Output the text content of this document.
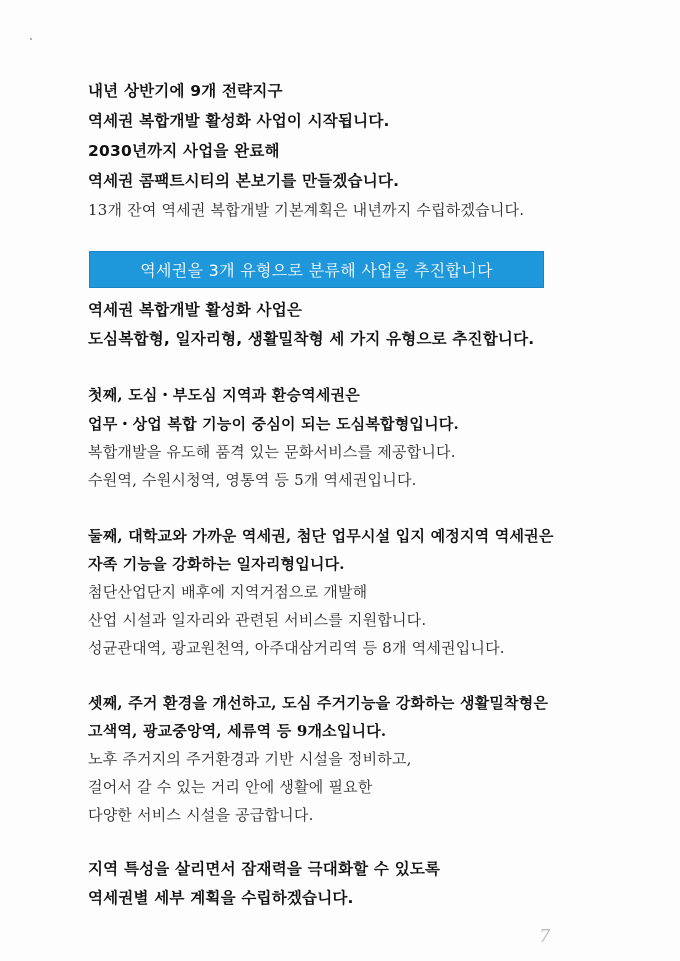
내년 상반기에 9개 전략지구
역세권 복합개발 활성화 사업이 시작됩니다.
2030년까지 사업을 완료해
역세권 콤팩트시티의 본보기를 만들겠습니다.
13개 잔여 역세권 복합개발 기본계획은 내년까지 수립하겠습니다.
역세권을 3개 유형으로 분류해 사업을 추진합니다
역세권 복합개발 활성화 사업은
도심복합형, 일자리형, 생활밀착형 세 가지 유형으로 추진합니다.
첫째, 도심・부도심 지역과 환승역세권은
업무・상업 복합 기능이 중심이 되는 도심복합형입니다.
복합개발을 유도해 품격 있는 문화서비스를 제공합니다.
수원역, 수원시청역, 영통역 등 5개 역세권입니다.
둘째, 대학교와 가까운 역세권, 첨단 업무시설 입지 예정지역 역세권은
자족 기능을 강화하는 일자리형입니다.
첨단산업단지 배후에 지역거점으로 개발해
산업 시설과 일자리와 관련된 서비스를 지원합니다.
성균관대역, 광교원천역, 아주대삼거리역 등 8개 역세권입니다.
셋째, 주거 환경을 개선하고, 도심 주거기능을 강화하는 생활밀착형은
고색역, 광교중앙역, 세류역 등 9개소입니다.
노후 주거지의 주거환경과 기반 시설을 정비하고,
걸어서 갈 수 있는 거리 안에 생활에 필요한
다양한 서비스 시설을 공급합니다.
지역 특성을 살리면서 잠재력을 극대화할 수 있도록
역세권별 세부 계획을 수립하겠습니다.
7
